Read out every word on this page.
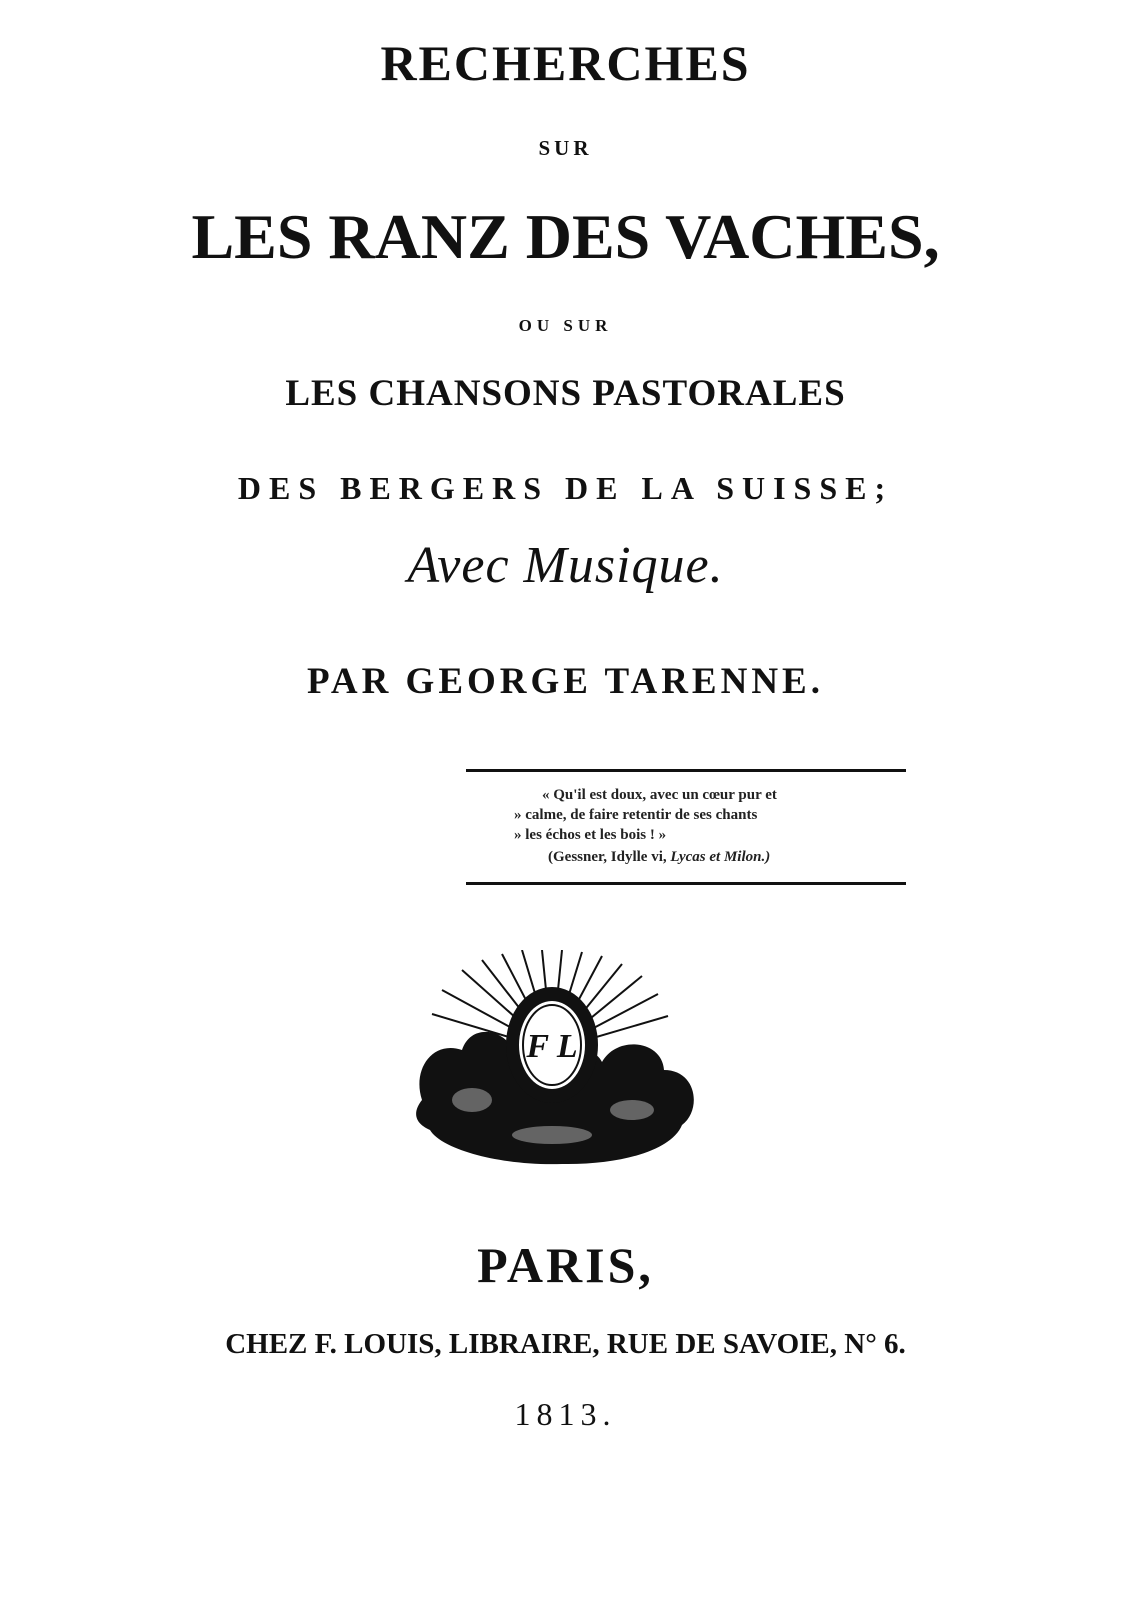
RECHERCHES
SUR
LES RANZ DES VACHES,
OU SUR
LES CHANSONS PASTORALES
DES BERGERS DE LA SUISSE;
Avec Musique.
PAR GEORGE TARENNE.
« Qu'il est doux, avec un cœur pur et
» calme, de faire retentir de ses chants
» les échos et les bois ! »
(Gessner, Idylle vi, Lycas et Milon.)
F L
PARIS,
CHEZ F. LOUIS, LIBRAIRE, RUE DE SAVOIE, N° 6.
1813.
